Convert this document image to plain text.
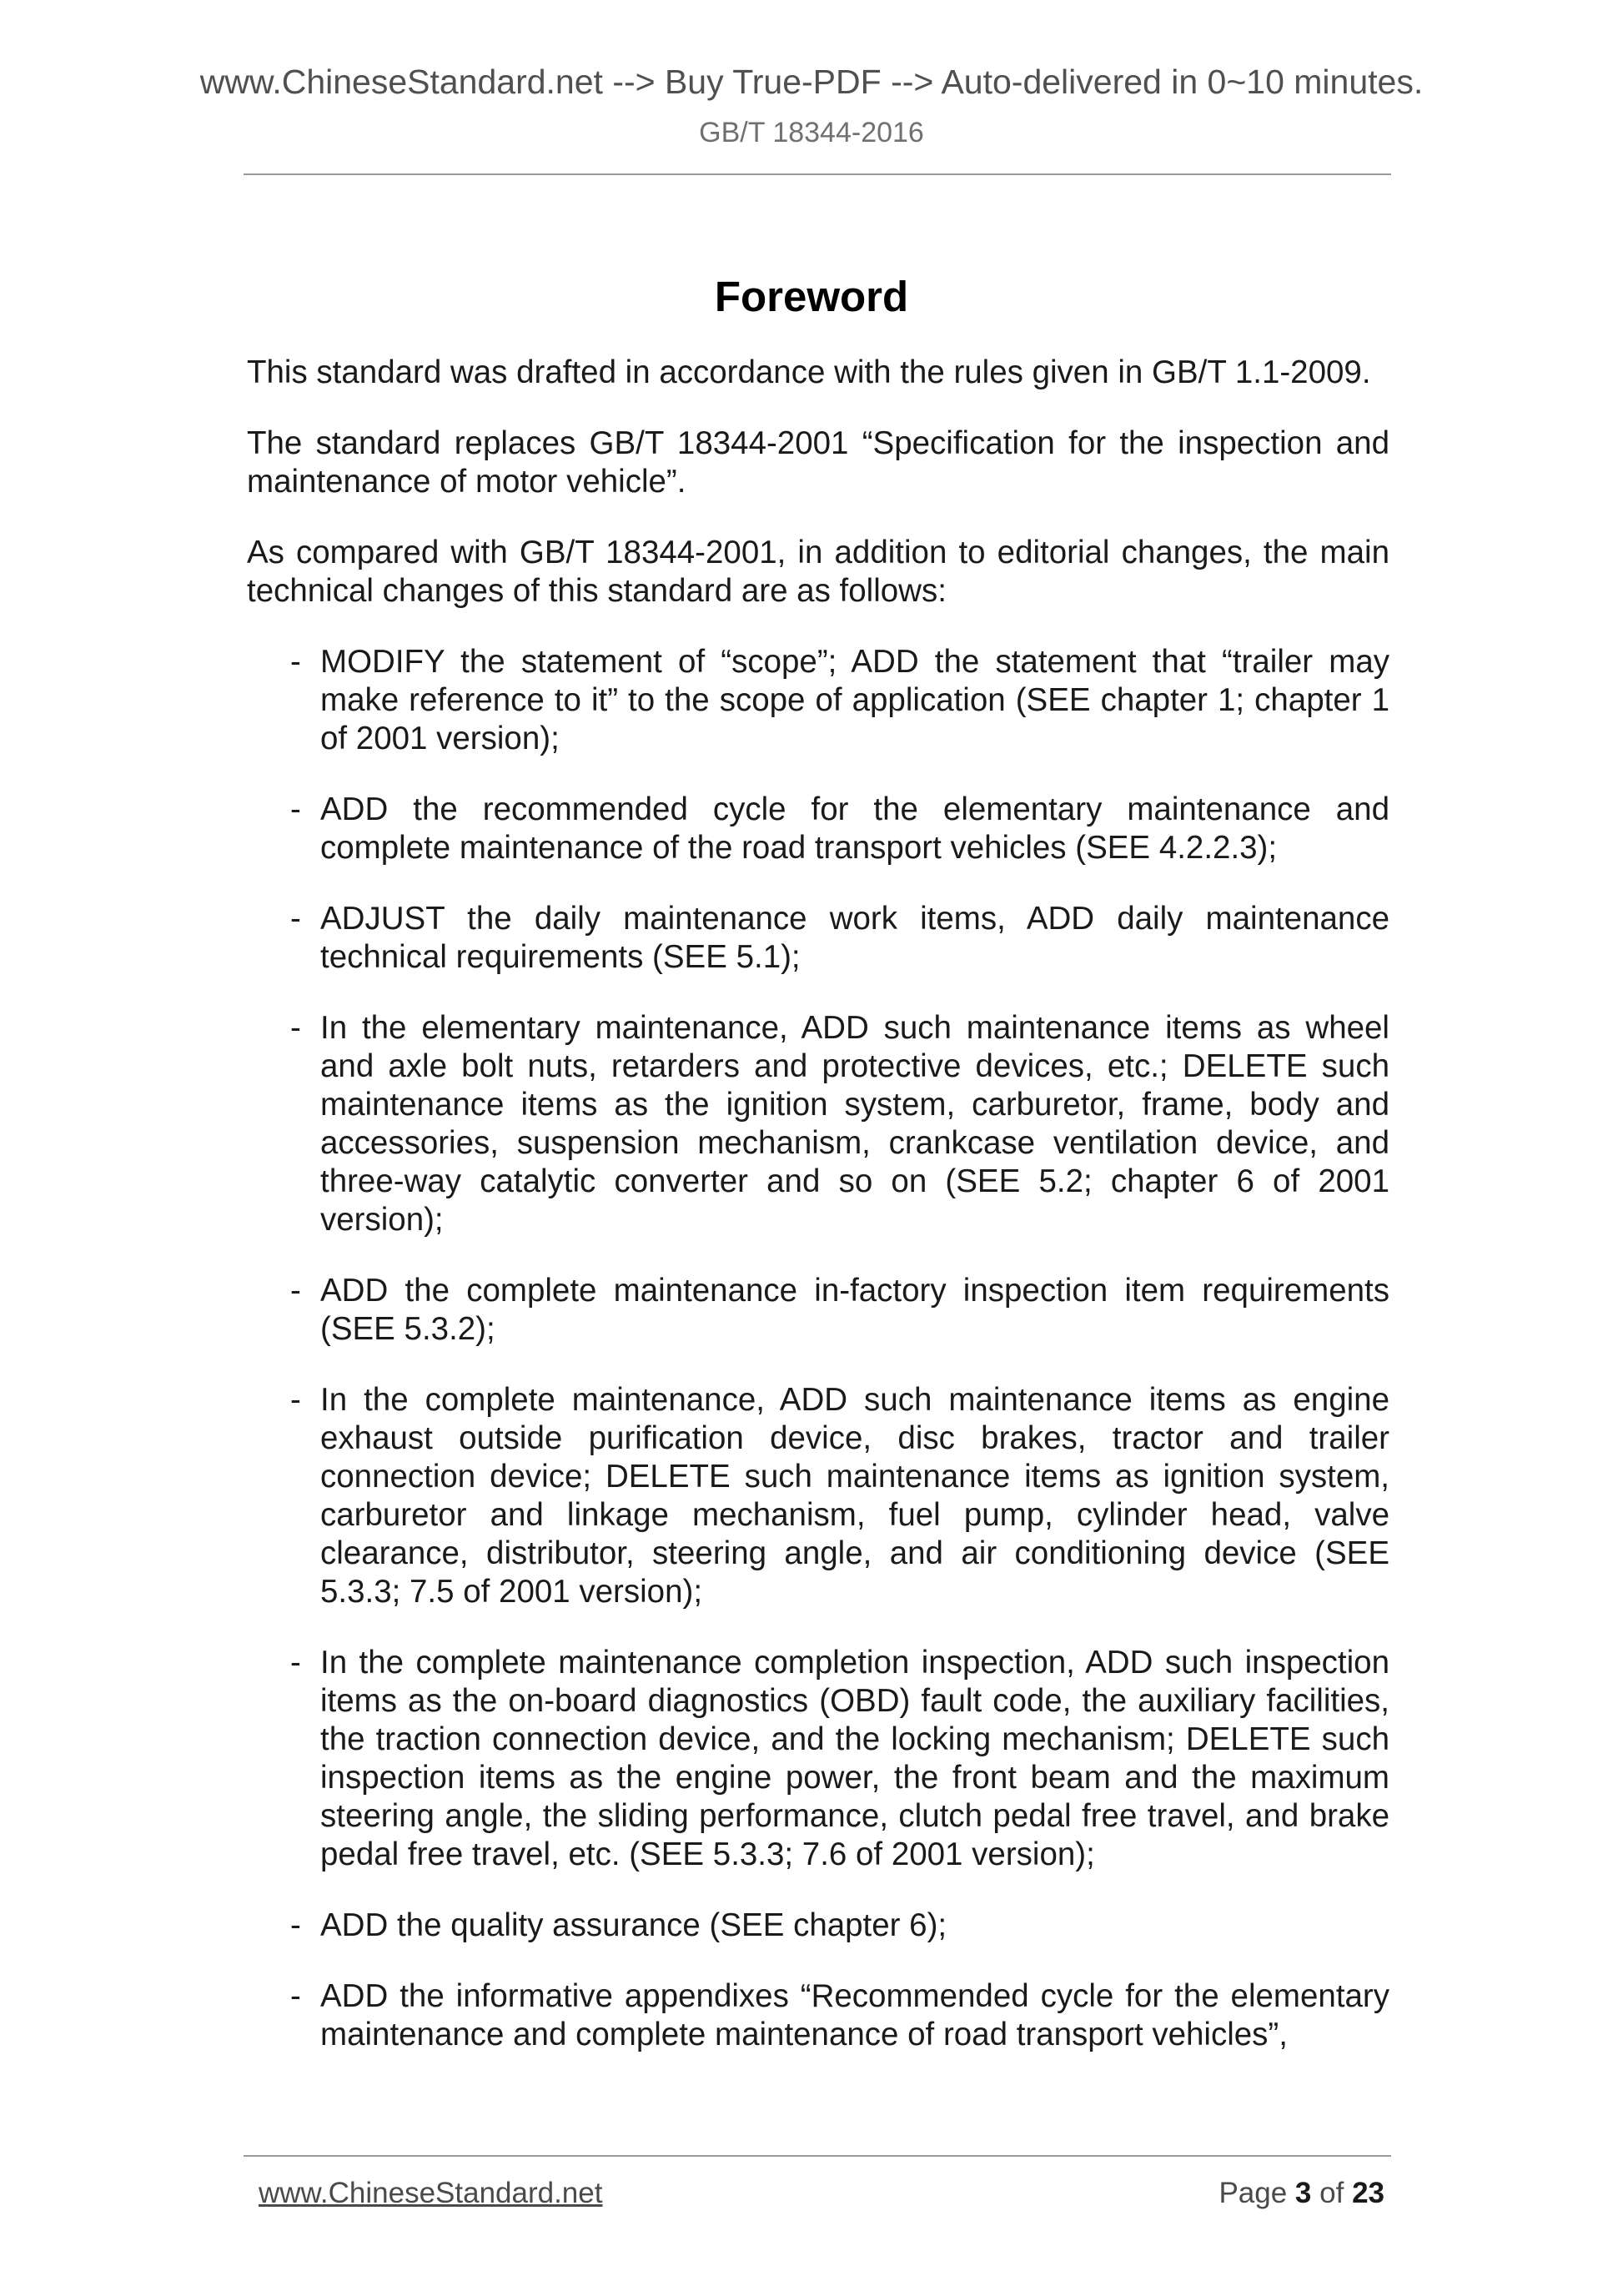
www.ChineseStandard.net --> Buy True-PDF --> Auto-delivered in 0~10 minutes.
GB/T 18344-2016
Foreword

This standard was drafted in accordance with the rules given in GB/T 1.1-2009.

The standard replaces GB/T 18344-2001 “Specification for the inspection and maintenance of motor vehicle”.

As compared with GB/T 18344-2001, in addition to editorial changes, the main technical changes of this standard are as follows:

- MODIFY the statement of “scope”; ADD the statement that “trailer may make reference to it” to the scope of application (SEE chapter 1; chapter 1 of 2001 version);
- ADD the recommended cycle for the elementary maintenance and complete maintenance of the road transport vehicles (SEE 4.2.2.3);
- ADJUST the daily maintenance work items, ADD daily maintenance technical requirements (SEE 5.1);
- In the elementary maintenance, ADD such maintenance items as wheel and axle bolt nuts, retarders and protective devices, etc.; DELETE such maintenance items as the ignition system, carburetor, frame, body and accessories, suspension mechanism, crankcase ventilation device, and three-way catalytic converter and so on (SEE 5.2; chapter 6 of 2001 version);
- ADD the complete maintenance in-factory inspection item requirements (SEE 5.3.2);
- In the complete maintenance, ADD such maintenance items as engine exhaust outside purification device, disc brakes, tractor and trailer connection device; DELETE such maintenance items as ignition system, carburetor and linkage mechanism, fuel pump, cylinder head, valve clearance, distributor, steering angle, and air conditioning device (SEE 5.3.3; 7.5 of 2001 version);
- In the complete maintenance completion inspection, ADD such inspection items as the on-board diagnostics (OBD) fault code, the auxiliary facilities, the traction connection device, and the locking mechanism; DELETE such inspection items as the engine power, the front beam and the maximum steering angle, the sliding performance, clutch pedal free travel, and brake pedal free travel, etc. (SEE 5.3.3; 7.6 of 2001 version);
- ADD the quality assurance (SEE chapter 6);
- ADD the informative appendixes “Recommended cycle for the elementary maintenance and complete maintenance of road transport vehicles”,
www.ChineseStandard.net	Page 3 of 23
